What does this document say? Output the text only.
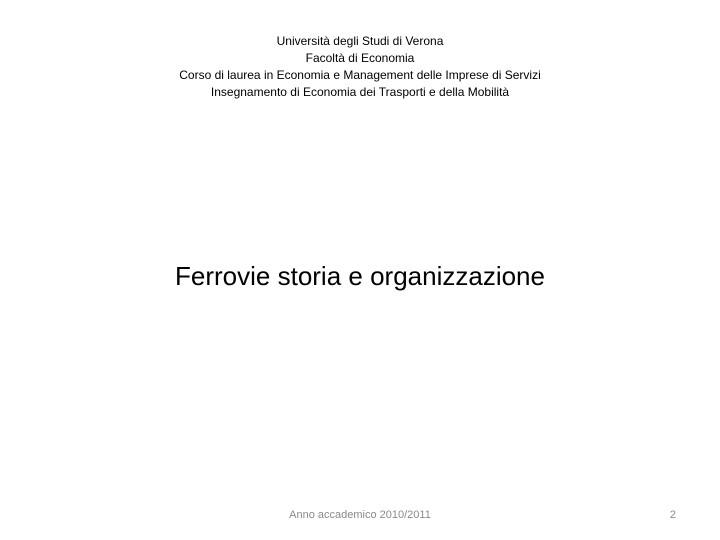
Università degli Studi di Verona
Facoltà di Economia
Corso di laurea in Economia e Management delle Imprese di Servizi
Insegnamento di Economia dei Trasporti e della Mobilità
Ferrovie storia e organizzazione
Anno accademico 2010/2011	2
